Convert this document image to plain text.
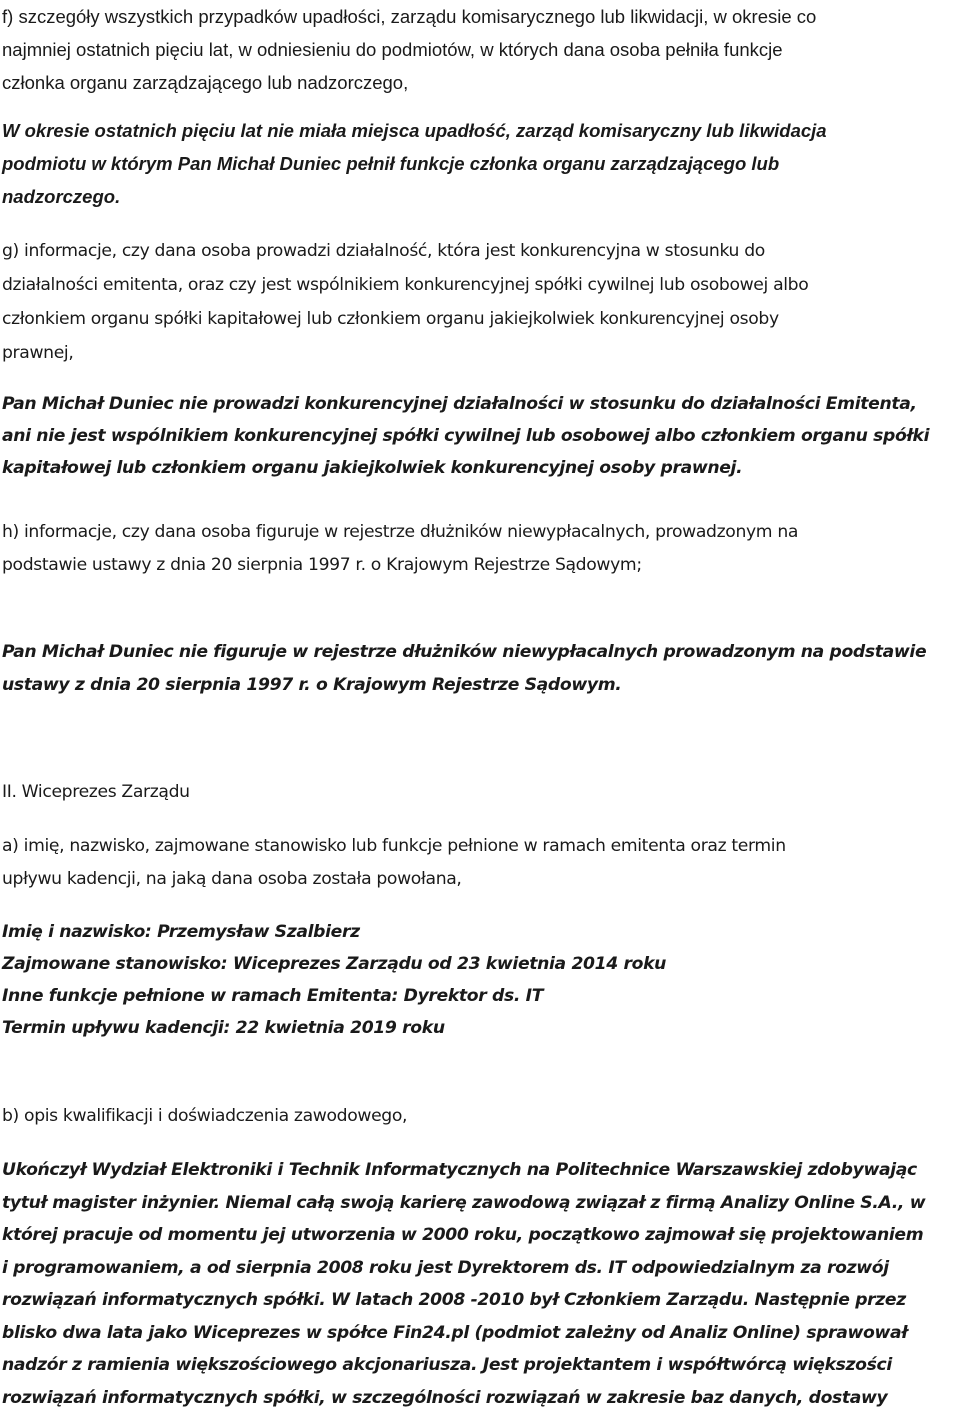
f) szczegóły wszystkich przypadków upadłości, zarządu komisarycznego lub likwidacji, w okresie co
najmniej ostatnich pięciu lat, w odniesieniu do podmiotów, w których dana osoba pełniła funkcje
członka organu zarządzającego lub nadzorczego,

W okresie ostatnich pięciu lat nie miała miejsca upadłość, zarząd komisaryczny lub likwidacja
podmiotu w którym Pan Michał Duniec pełnił funkcje członka organu zarządzającego lub
nadzorczego.

g) informacje, czy dana osoba prowadzi działalność, która jest konkurencyjna w stosunku do
działalności emitenta, oraz czy jest wspólnikiem konkurencyjnej spółki cywilnej lub osobowej albo
członkiem organu spółki kapitałowej lub członkiem organu jakiejkolwiek konkurencyjnej osoby
prawnej,

Pan Michał Duniec nie prowadzi konkurencyjnej działalności w stosunku do działalności Emitenta,
ani nie jest wspólnikiem konkurencyjnej spółki cywilnej lub osobowej albo członkiem organu spółki
kapitałowej lub członkiem organu jakiejkolwiek konkurencyjnej osoby prawnej.

h) informacje, czy dana osoba figuruje w rejestrze dłużników niewypłacalnych, prowadzonym na
podstawie ustawy z dnia 20 sierpnia 1997 r. o Krajowym Rejestrze Sądowym;

Pan Michał Duniec nie figuruje w rejestrze dłużników niewypłacalnych prowadzonym na podstawie
ustawy z dnia 20 sierpnia 1997 r. o Krajowym Rejestrze Sądowym.

II. Wiceprezes Zarządu

a) imię, nazwisko, zajmowane stanowisko lub funkcje pełnione w ramach emitenta oraz termin
upływu kadencji, na jaką dana osoba została powołana,

Imię i nazwisko: Przemysław Szalbierz
Zajmowane stanowisko: Wiceprezes Zarządu od 23 kwietnia 2014 roku
Inne funkcje pełnione w ramach Emitenta: Dyrektor ds. IT
Termin upływu kadencji: 22 kwietnia 2019 roku

b) opis kwalifikacji i doświadczenia zawodowego,

Ukończył Wydział Elektroniki i Technik Informatycznych na Politechnice Warszawskiej zdobywając
tytuł magister inżynier. Niemal całą swoją karierę zawodową związał z firmą Analizy Online S.A., w
której pracuje od momentu jej utworzenia w 2000 roku, początkowo zajmował się projektowaniem
i programowaniem, a od sierpnia 2008 roku jest Dyrektorem ds. IT odpowiedzialnym za rozwój
rozwiązań informatycznych spółki. W latach 2008 -2010 był Członkiem Zarządu. Następnie przez
blisko dwa lata jako Wiceprezes w spółce Fin24.pl (podmiot zależny od Analiz Online) sprawował
nadzór z ramienia większościowego akcjonariusza. Jest projektantem i współtwórcą większości
rozwiązań informatycznych spółki, w szczególności rozwiązań w zakresie baz danych, dostawy
